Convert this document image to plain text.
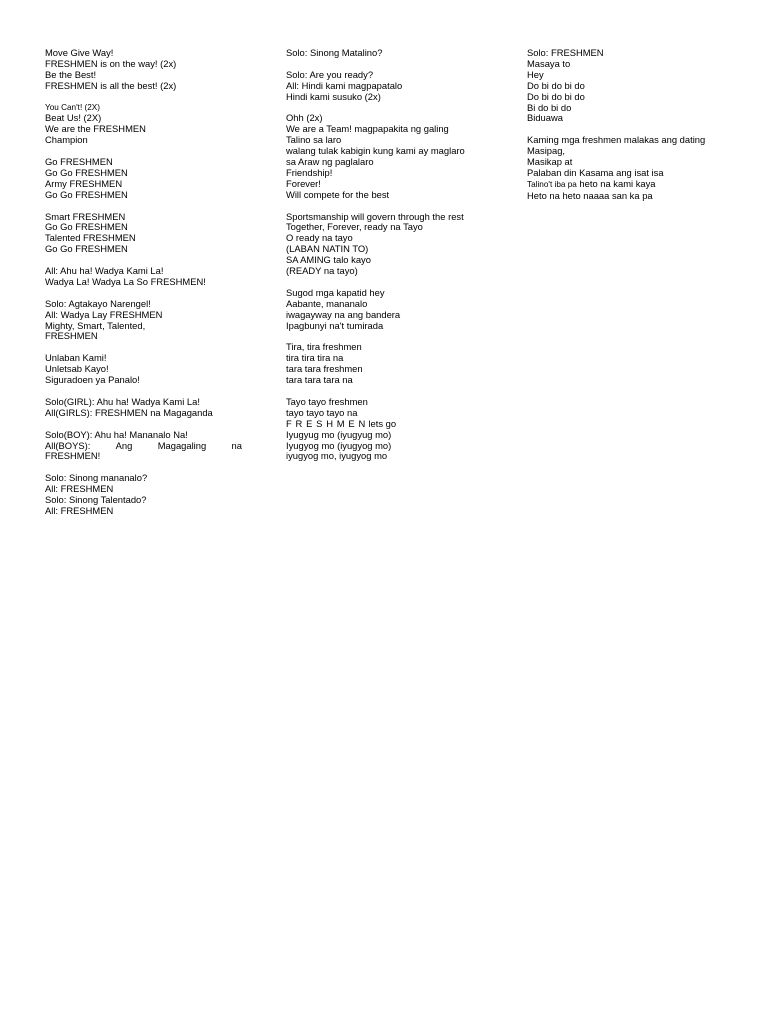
Move Give Way!
FRESHMEN is on the way! (2x)
Be the Best!
FRESHMEN is all the best! (2x)
You Can't! (2X)
Beat Us! (2X)
We are the FRESHMEN
Champion
Go FRESHMEN
Go Go FRESHMEN
Army FRESHMEN
Go Go FRESHMEN
Smart FRESHMEN
Go Go FRESHMEN
Talented FRESHMEN
Go Go FRESHMEN
All: Ahu ha! Wadya Kami La!
Wadya La! Wadya La So FRESHMEN!
Solo: Agtakayo Narengel!
All: Wadya Lay FRESHMEN
Mighty, Smart, Talented,
FRESHMEN
Unlaban Kami!
Unletsab Kayo!
Siguradoen ya Panalo!
Solo(GIRL): Ahu ha! Wadya Kami La!
All(GIRLS): FRESHMEN na Magaganda
Solo(BOY): Ahu ha! Mananalo Na!
All(BOYS):	Ang	Magagaling	na
FRESHMEN!
Solo: Sinong mananalo?
All: FRESHMEN
Solo: Sinong Talentado?
All: FRESHMEN
Solo: Sinong Matalino?
Solo: Are you ready?
All: Hindi kami magpapatalo
Hindi kami susuko (2x)
Ohh (2x)
We are a Team! magpapakita ng galing
Talino sa laro
walang tulak kabigin kung kami ay maglaro
sa Araw ng paglalaro
Friendship!
Forever!
Will compete for the best
Sportsmanship will govern through the rest
Together, Forever, ready na Tayo
O ready na tayo
(LABAN NATIN TO)
SA AMING talo kayo
(READY na tayo)
Sugod mga kapatid hey
Aabante, mananalo
iwagayway na ang bandera
Ipagbunyi na't tumirada
Tira, tira freshmen
tira tira tira na
tara tara freshmen
tara tara tara na
Tayo tayo freshmen
tayo tayo tayo na
F R E S H M E N lets go
Iyugyug mo (iyugyug mo)
Iyugyog mo (iyugyog mo)
iyugyog mo, iyugyog mo
Solo: FRESHMEN
Masaya to
Hey
Do bi do bi do
Do bi do bi do
Bi do bi do
Biduawa
Kaming mga freshmen malakas ang dating
Masipag,
Masikap at
Palaban din Kasama ang isat isa
Talino't iba pa heto na kami kaya
Heto na heto naaaa san ka pa
